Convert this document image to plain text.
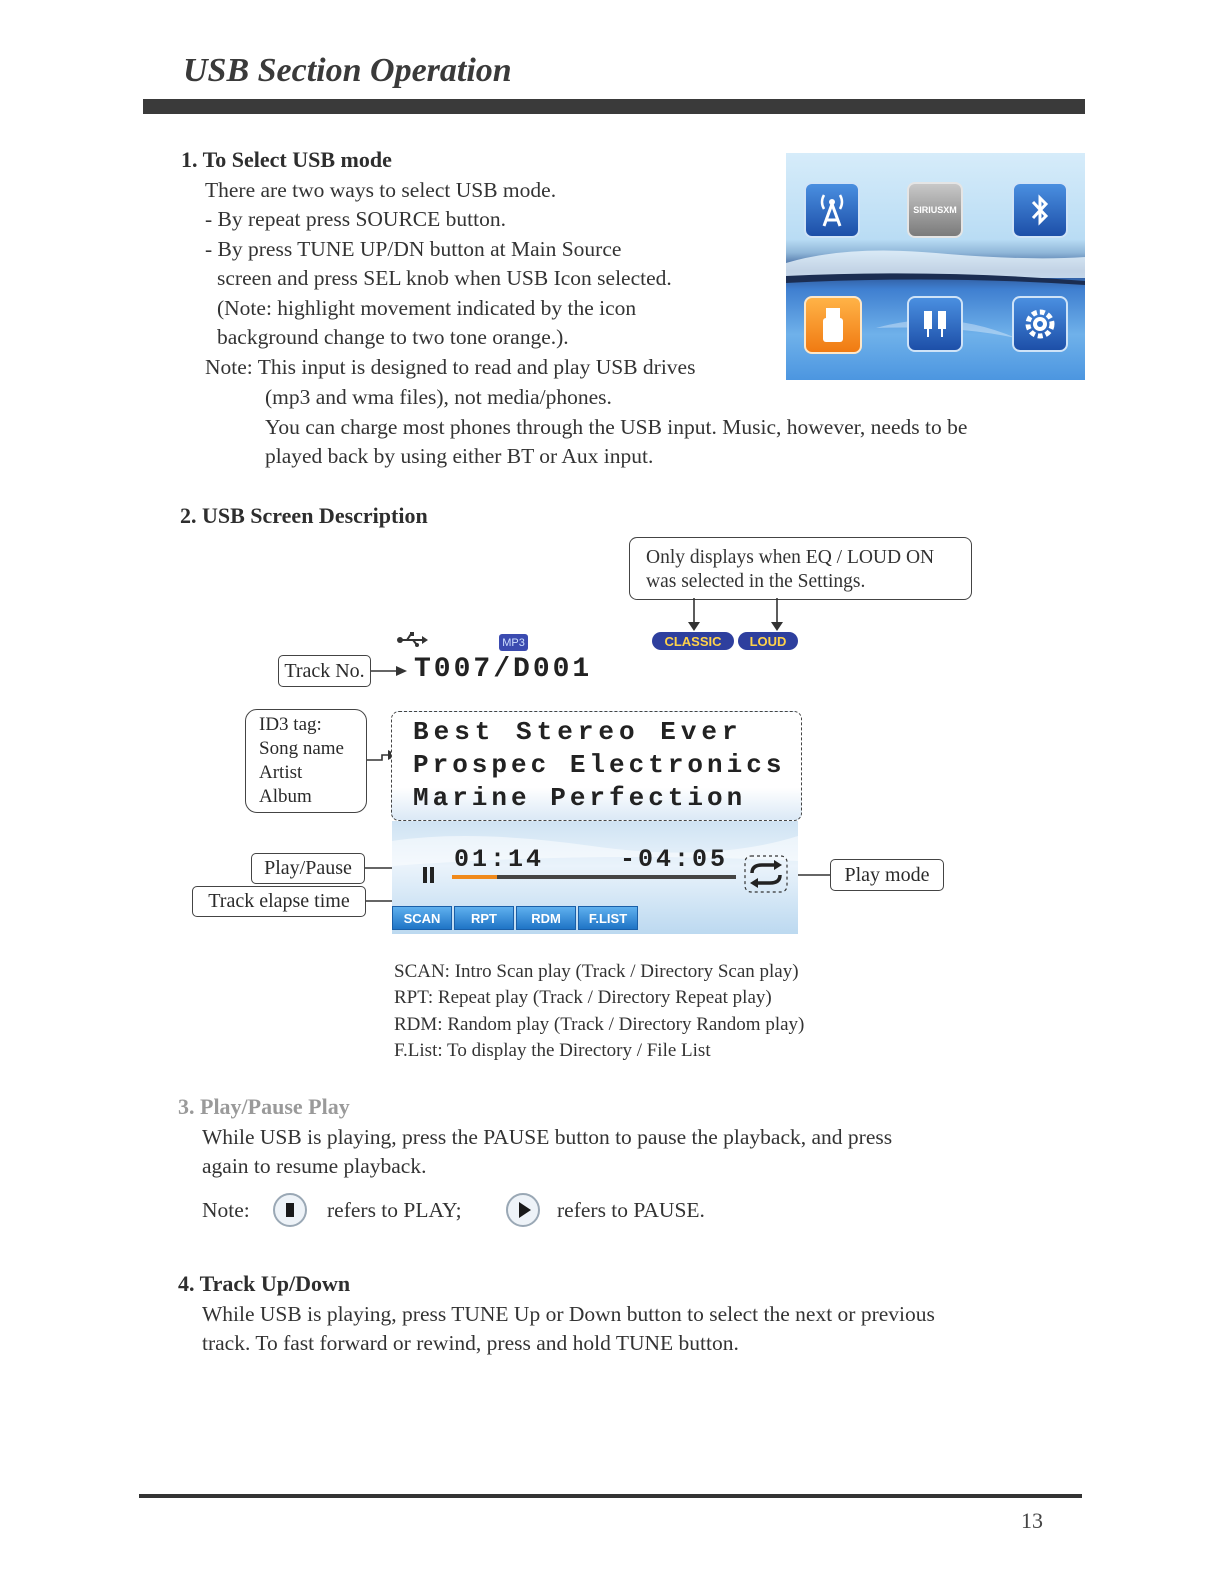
USB Section Operation
1. To Select USB mode
There are two ways to select USB mode.
- By repeat press SOURCE button.
- By press TUNE UP/DN button at Main Source
screen and press SEL knob when USB Icon selected.
(Note: highlight movement indicated by the icon
background change to two tone orange.).
Note: This input is designed to read and play USB drives
(mp3 and wma files), not media/phones.
You can charge most phones through the USB input. Music, however, needs to be
played back by using either BT or Aux input.
SIRIUSXM
2. USB Screen Description
Only displays when EQ / LOUD ON was selected in the Settings.
MP3	CLASSIC	LOUD
Track No. T007/D001
ID3 tag:
Song name
Artist
Album
Best Stereo Ever
Prospec Electronics
Marine Perfection
01:14	-04:05
SCAN	RPT	RDM	F.LIST
Play/Pause
Track elapse time
Play mode
SCAN: Intro Scan play (Track / Directory Scan play)
RPT: Repeat play (Track / Directory Repeat play)
RDM: Random play (Track / Directory Random play)
F.List: To display the Directory / File List
3. Play/Pause Play
While USB is playing, press the PAUSE button to pause the playback, and press
again to resume playback.
Note:	refers to PLAY;	refers to PAUSE.
4. Track Up/Down
While USB is playing, press TUNE Up or Down button to select the next or previous
track. To fast forward or rewind, press and hold TUNE button.
13
